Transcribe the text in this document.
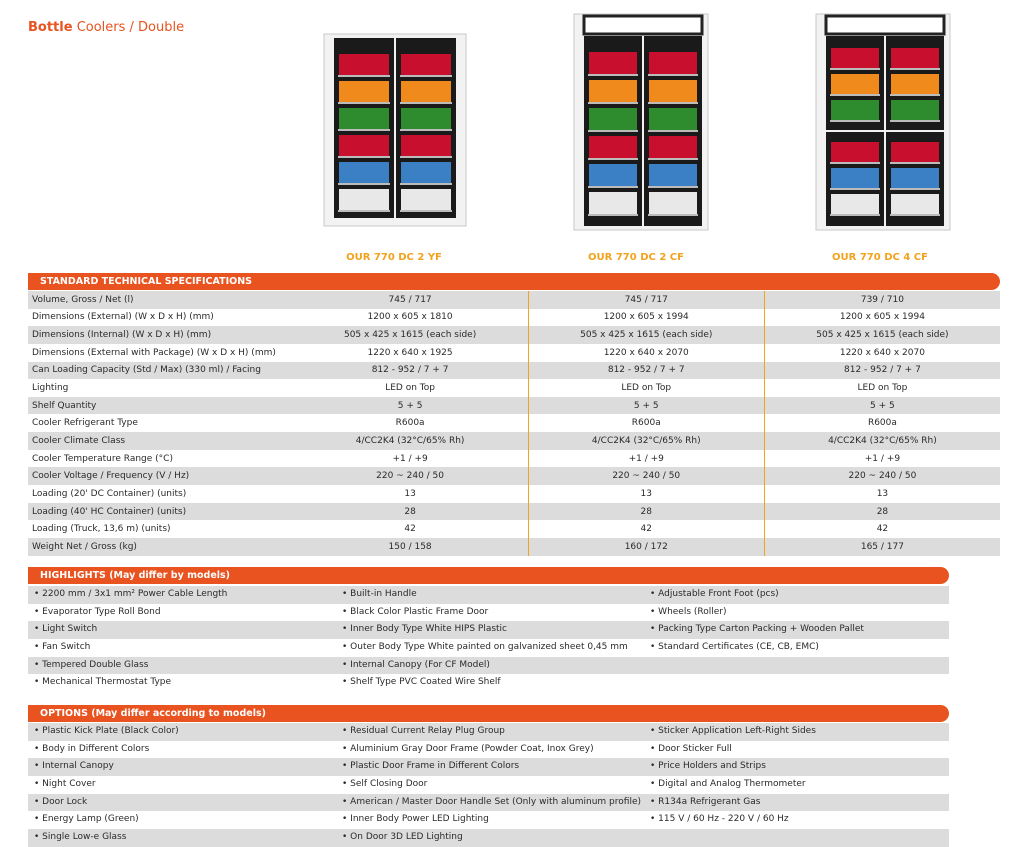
Bottle Coolers / Double
OUR 770 DC 2 YF	OUR 770 DC 2 CF	OUR 770 DC 4 CF
STANDARD TECHNICAL SPECIFICATIONS
Volume, Gross / Net (l)	745 / 717	745 / 717	739 / 710
Dimensions (External) (W x D x H) (mm)	1200 x 605 x 1810	1200 x 605 x 1994	1200 x 605 x 1994
Dimensions (Internal) (W x D x H) (mm)	505 x 425 x 1615 (each side)	505 x 425 x 1615 (each side)	505 x 425 x 1615 (each side)
Dimensions (External with Package) (W x D x H) (mm)	1220 x 640 x 1925	1220 x 640 x 2070	1220 x 640 x 2070
Can Loading Capacity (Std / Max) (330 ml) / Facing	812 - 952 / 7 + 7	812 - 952 / 7 + 7	812 - 952 / 7 + 7
Lighting	LED on Top	LED on Top	LED on Top
Shelf Quantity	5 + 5	5 + 5	5 + 5
Cooler Refrigerant Type	R600a	R600a	R600a
Cooler Climate Class	4/CC2K4 (32°C/65% Rh)	4/CC2K4 (32°C/65% Rh)	4/CC2K4 (32°C/65% Rh)
Cooler Temperature Range (°C)	+1 / +9	+1 / +9	+1 / +9
Cooler Voltage / Frequency (V / Hz)	220 ~ 240 / 50	220 ~ 240 / 50	220 ~ 240 / 50
Loading (20' DC Container) (units)	13	13	13
Loading (40' HC Container) (units)	28	28	28
Loading (Truck, 13,6 m) (units)	42	42	42
Weight Net / Gross (kg)	150 / 158	160 / 172	165 / 177
HIGHLIGHTS (May differ by models)
• 2200 mm / 3x1 mm² Power Cable Length	• Built-in Handle	• Adjustable Front Foot (pcs)
• Evaporator Type Roll Bond	• Black Color Plastic Frame Door	• Wheels (Roller)
• Light Switch	• Inner Body Type White HIPS Plastic	• Packing Type Carton Packing + Wooden Pallet
• Fan Switch	• Outer Body Type White painted on galvanized sheet 0,45 mm	• Standard Certificates (CE, CB, EMC)
• Tempered Double Glass	• Internal Canopy (For CF Model)
• Mechanical Thermostat Type	• Shelf Type PVC Coated Wire Shelf
OPTIONS (May differ according to models)
• Plastic Kick Plate (Black Color)	• Residual Current Relay Plug Group	• Sticker Application Left-Right Sides
• Body in Different Colors	• Aluminium Gray Door Frame (Powder Coat, Inox Grey)	• Door Sticker Full
• Internal Canopy	• Plastic Door Frame in Different Colors	• Price Holders and Strips
• Night Cover	• Self Closing Door	• Digital and Analog Thermometer
• Door Lock	• American / Master Door Handle Set (Only with aluminum profile)	• R134a Refrigerant Gas
• Energy Lamp (Green)	• Inner Body Power LED Lighting	• 115 V / 60 Hz - 220 V / 60 Hz
• Single Low-e Glass	• On Door 3D LED Lighting
